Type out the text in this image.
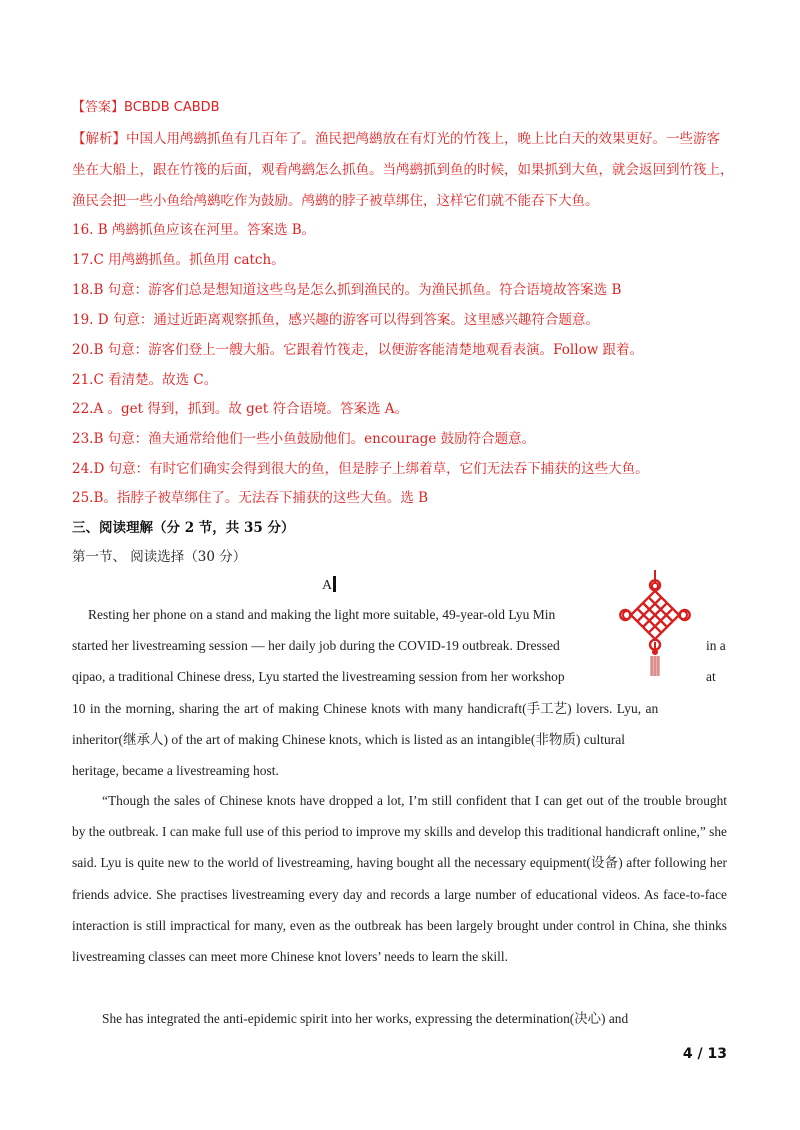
【答案】BCBDB CABDB
【解析】中国人用鸬鹚抓鱼有几百年了。渔民把鸬鹚放在有灯光的竹筏上，晚上比白天的效果更好。一些游客
坐在大船上，跟在竹筏的后面，观看鸬鹚怎么抓鱼。当鸬鹚抓到鱼的时候，如果抓到大鱼，就会返回到竹筏上，
渔民会把一些小鱼给鸬鹚吃作为鼓励。鸬鹚的脖子被草绑住，这样它们就不能吞下大鱼。
16. B 鸬鹚抓鱼应该在河里。答案选 B。
17.C 用鸬鹚抓鱼。抓鱼用 catch。
18.B 句意：游客们总是想知道这些鸟是怎么抓到渔民的。为渔民抓鱼。符合语境故答案选 B
19. D 句意：通过近距离观察抓鱼，感兴趣的游客可以得到答案。这里感兴趣符合题意。
20.B 句意：游客们登上一艘大船。它跟着竹筏走，以便游客能清楚地观看表演。Follow 跟着。
21.C 看清楚。故选 C。
22.A 。get 得到，抓到。故 get 符合语境。答案选 A。
23.B 句意：渔夫通常给他们一些小鱼鼓励他们。encourage 鼓励符合题意。
24.D 句意：有时它们确实会得到很大的鱼，但是脖子上绑着草，它们无法吞下捕获的这些大鱼。
25.B。指脖子被草绑住了。无法吞下捕获的这些大鱼。选 B
三、阅读理解（分 2 节，共 35 分）
第一节、 阅读选择（30 分）
A
Resting her phone on a stand and making the light more suitable, 49-year-old Lyu Min
started her livestreaming session — her daily job during the COVID-19 outbreak. Dressed	in a
qipao, a traditional Chinese dress, Lyu started the livestreaming session from her workshop	at
10 in the morning, sharing the art of making Chinese knots with many handicraft(手工艺) lovers. Lyu, an
inheritor(继承人) of the art of making Chinese knots, which is listed as an intangible(非物质) cultural
heritage, became a livestreaming host.
“Though the sales of Chinese knots have dropped a lot, I’m still confident that I can get out of the trouble brought by the outbreak. I can make full use of this period to improve my skills and develop this traditional handicraft online,” she said. Lyu is quite new to the world of livestreaming, having bought all the necessary equipment(设备) after following her friends advice. She practises livestreaming every day and records a large number of educational videos. As face-to-face interaction is still impractical for many, even as the outbreak has been largely brought under control in China, she thinks livestreaming classes can meet more Chinese knot lovers’ needs to learn the skill.
She has integrated the anti-epidemic spirit into her works, expressing the determination(决心) and
4 / 13
